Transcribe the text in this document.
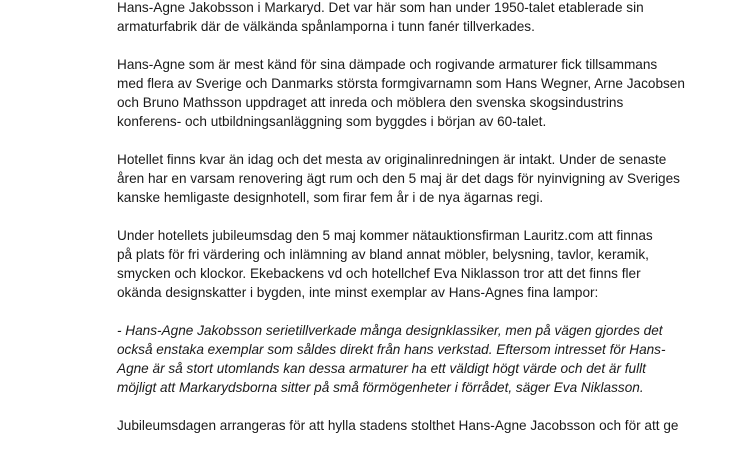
Hans-Agne Jakobsson i Markaryd. Det var här som han under 1950-talet etablerade sin
armaturfabrik där de välkända spånlamporna i tunn fanér tillverkades.

Hans-Agne som är mest känd för sina dämpade och rogivande armaturer fick tillsammans
med flera av Sverige och Danmarks största formgivarnamn som Hans Wegner, Arne Jacobsen
och Bruno Mathsson uppdraget att inreda och möblera den svenska skogsindustrins
konferens- och utbildningsanläggning som byggdes i början av 60-talet.

Hotellet finns kvar än idag och det mesta av originalinredningen är intakt. Under de senaste
åren har en varsam renovering ägt rum och den 5 maj är det dags för nyinvigning av Sveriges
kanske hemligaste designhotell, som firar fem år i de nya ägarnas regi.

Under hotellets jubileumsdag den 5 maj kommer nätauktionsfirman Lauritz.com att finnas
på plats för fri värdering och inlämning av bland annat möbler, belysning, tavlor, keramik,
smycken och klockor. Ekebackens vd och hotellchef Eva Niklasson tror att det finns fler
okända designskatter i bygden, inte minst exemplar av Hans-Agnes fina lampor:

- Hans-Agne Jakobsson serietillverkade många designklassiker, men på vägen gjordes det
också enstaka exemplar som såldes direkt från hans verkstad. Eftersom intresset för Hans-
Agne är så stort utomlands kan dessa armaturer ha ett väldigt högt värde och det är fullt
möjligt att Markarydsborna sitter på små förmögenheter i förrådet, säger Eva Niklasson.

Jubileumsdagen arrangeras för att hylla stadens stolthet Hans-Agne Jacobsson och för att ge
